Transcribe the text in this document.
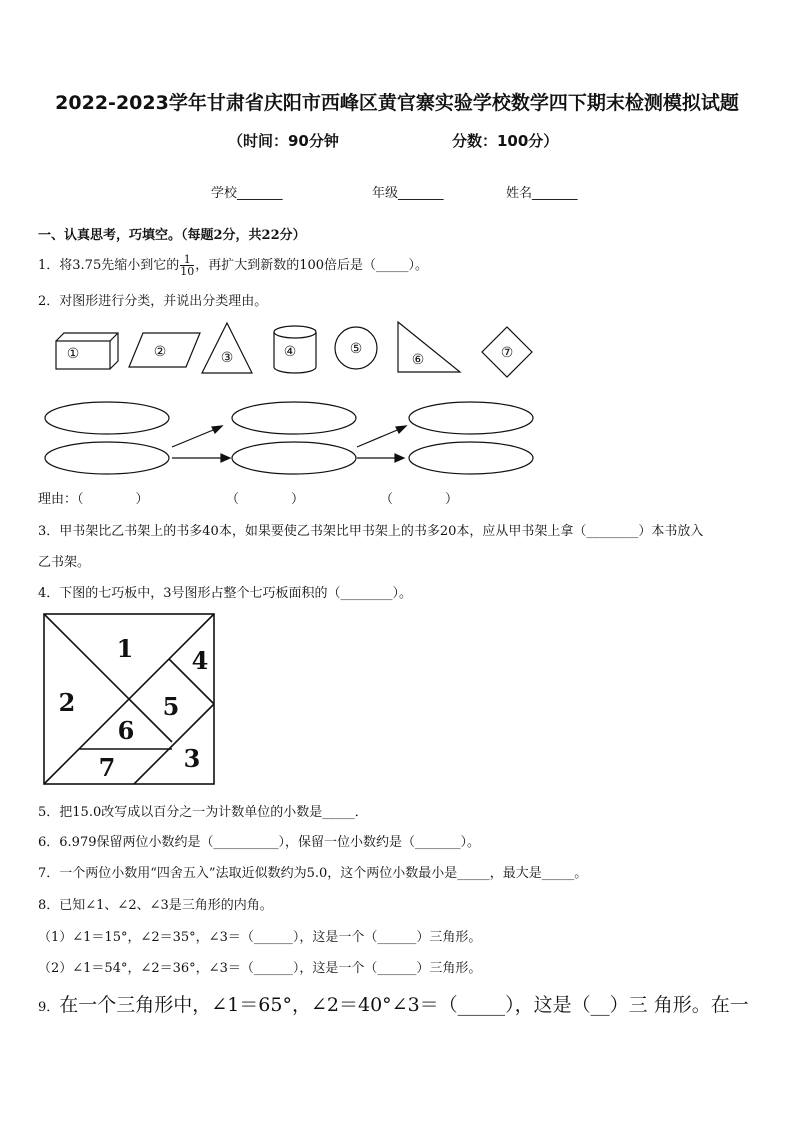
2022-2023学年甘肃省庆阳市西峰区黄官寨实验学校数学四下期末检测模拟试题
（时间：90分钟	分数：100分）
学校_______	年级_______	姓名_______
一、认真思考，巧填空。（每题2分，共22分）
1．将3.75先缩小到它的 $\frac{1}{10}$ ，再扩大到新数的100倍后是（_____）。
2．对图形进行分类，并说出分类理由。
①	②	③	④	⑤
⑥	⑦
1
2
3
4
5
6
7
理由：（	）	（　　　　）	（　　　　）
3．甲书架比乙书架上的书多40本，如果要使乙书架比甲书架上的书多20本，应从甲书架上拿（________）本书放入
乙书架。
4．下图的七巧板中，3号图形占整个七巧板面积的（________）。
5．把15.0改写成以百分之一为计数单位的小数是_____．
6．6.979保留两位小数约是（__________），保留一位小数约是（_______）。
7．一个两位小数用“四舍五入”法取近似数约为5.0，这个两位小数最小是_____，最大是_____。
8．已知∠1、∠2、∠3是三角形的内角。
（1）∠1＝15°，∠2＝35°，∠3＝（______），这是一个（______）三角形。
（2）∠1＝54°，∠2＝36°，∠3＝（______），这是一个（______）三角形。
9．在一个三角形中，∠1＝65°，∠2＝40°∠3＝（_____），这是（__）三 角形。在一
